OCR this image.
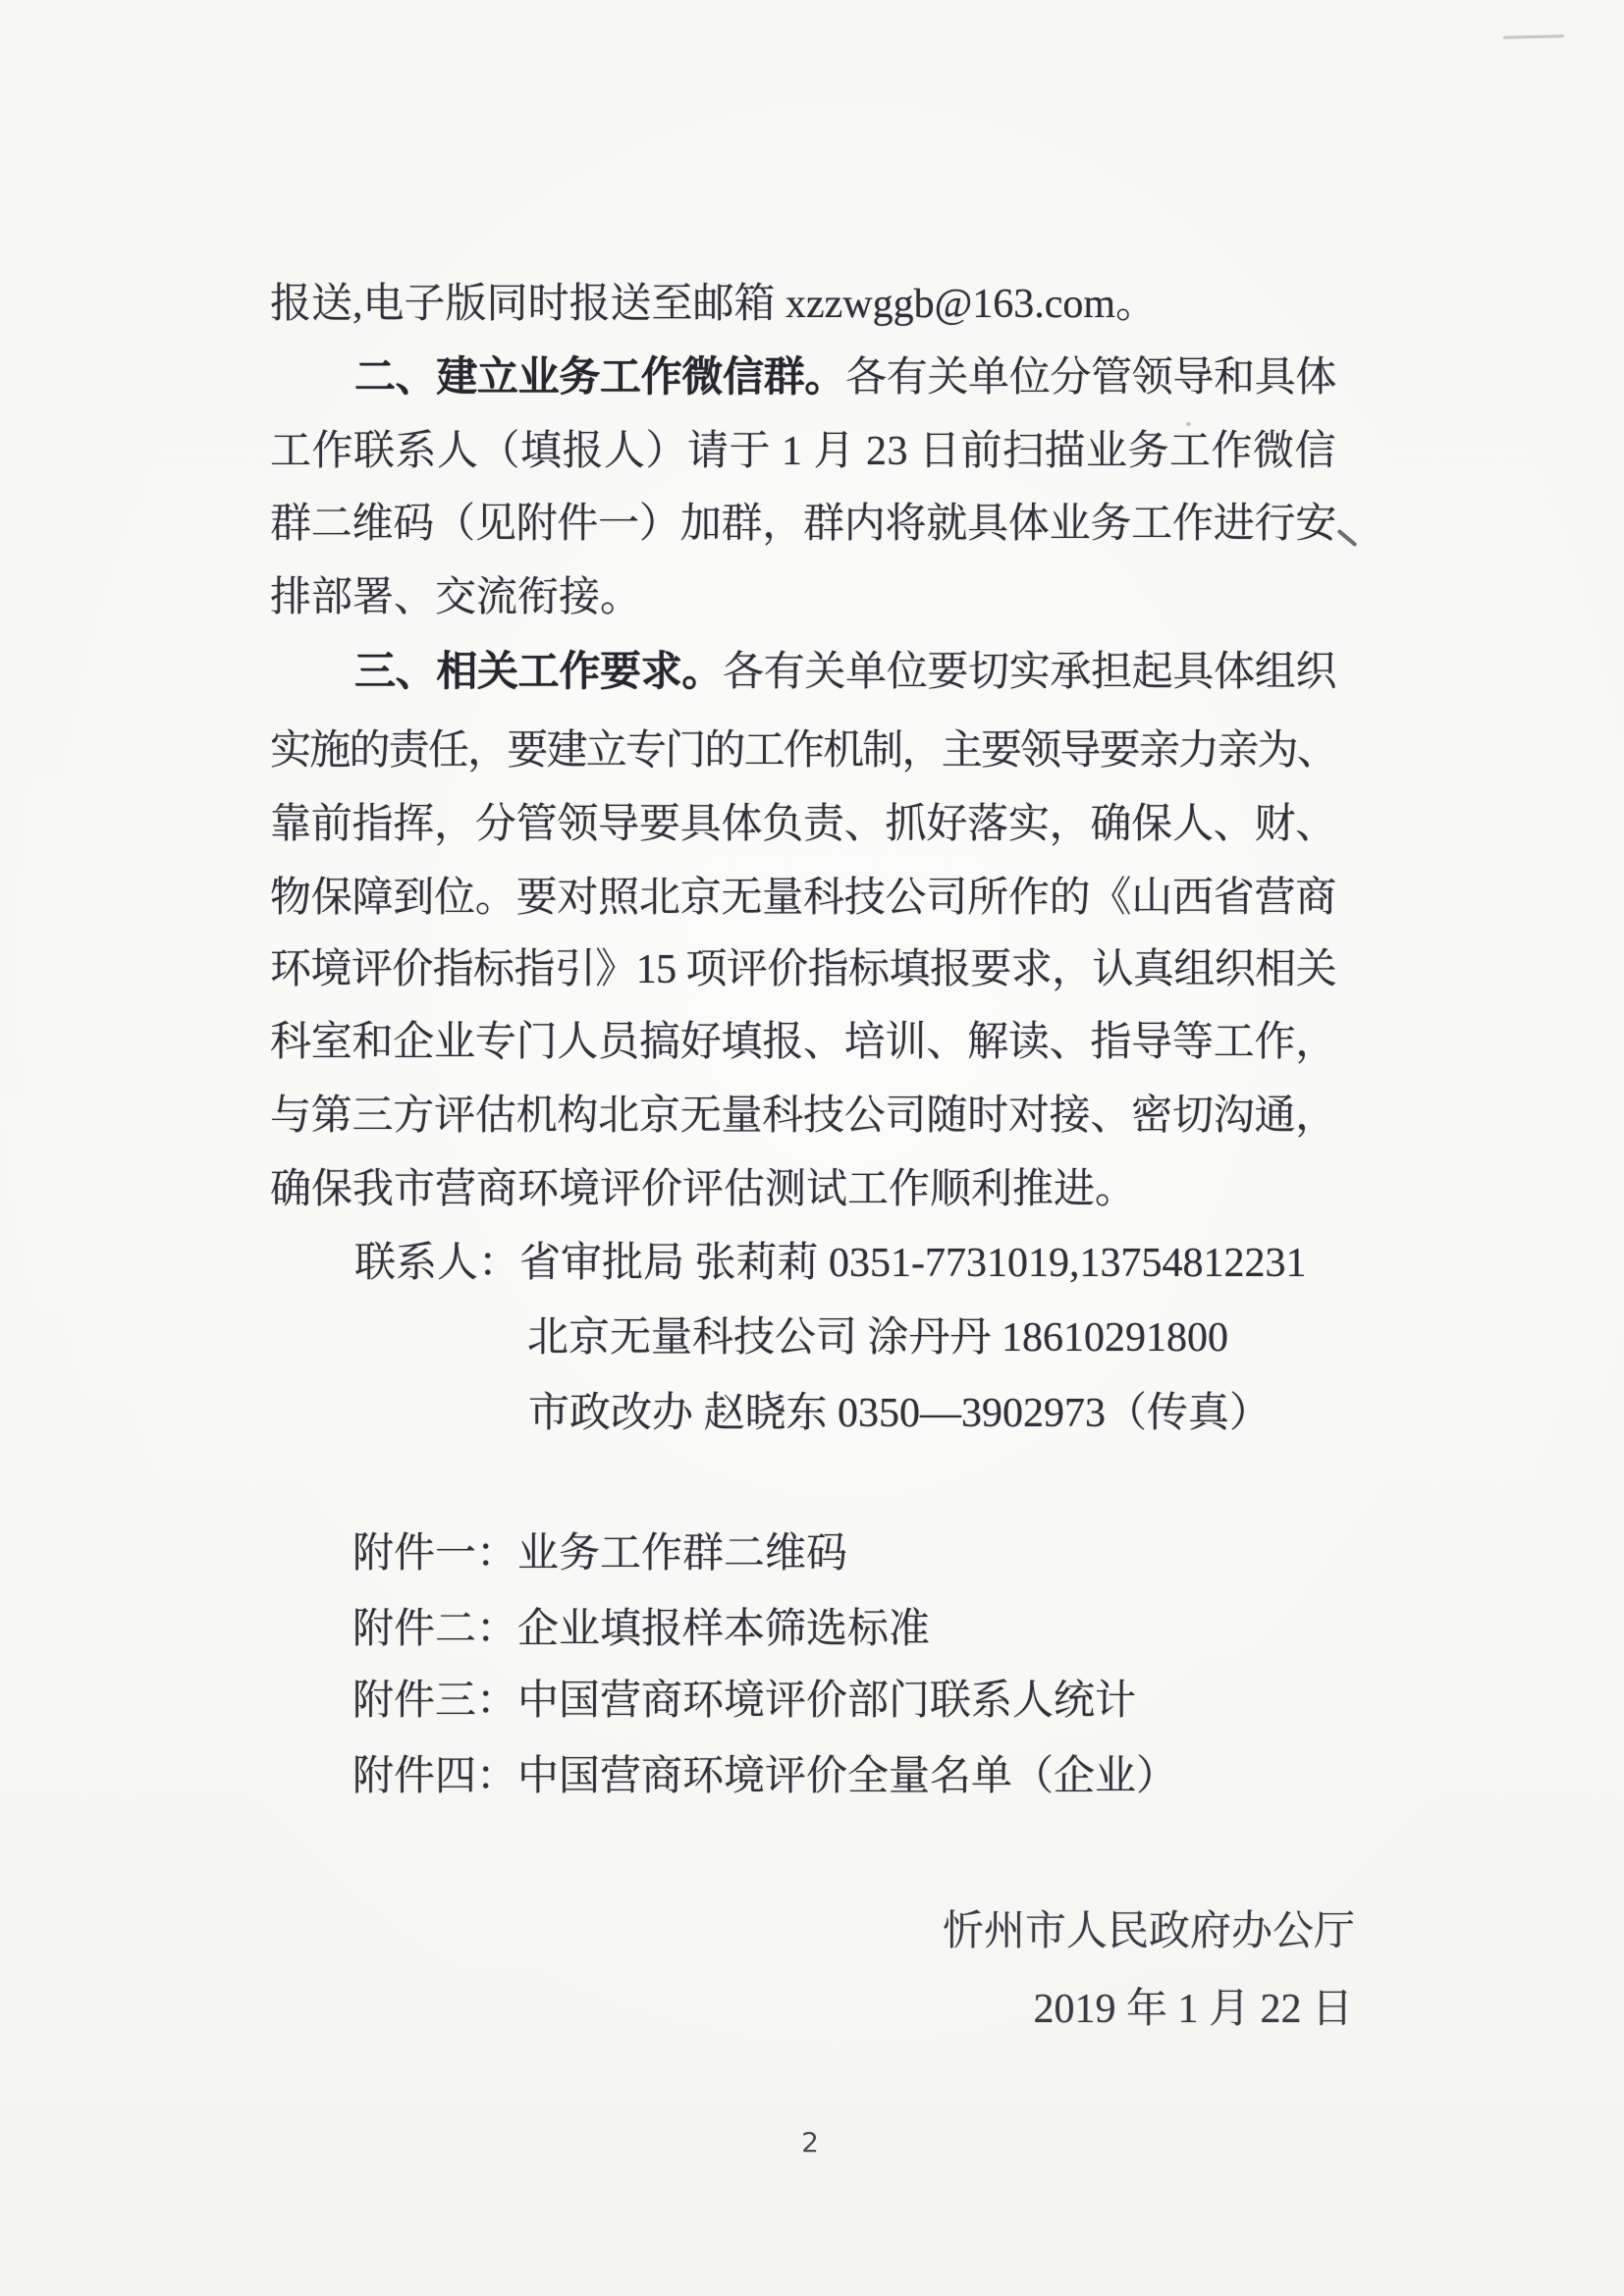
报送,电子版同时报送至邮箱 xzzwggb@163.com。
二、建立业务工作微信群。各有关单位分管领导和具体
工作联系人（填报人）请于 1 月 23 日前扫描业务工作微信
群二维码（见附件一）加群，群内将就具体业务工作进行安
排部署、交流衔接。
三、相关工作要求。各有关单位要切实承担起具体组织
实施的责任，要建立专门的工作机制，主要领导要亲力亲为、
靠前指挥，分管领导要具体负责、抓好落实，确保人、财、
物保障到位。要对照北京无量科技公司所作的《山西省营商
环境评价指标指引》15 项评价指标填报要求，认真组织相关
科室和企业专门人员搞好填报、培训、解读、指导等工作，
与第三方评估机构北京无量科技公司随时对接、密切沟通，
确保我市营商环境评价评估测试工作顺利推进。
联系人：省审批局 张莉莉 0351-7731019,13754812231
北京无量科技公司 涂丹丹 18610291800
市政改办 赵晓东 0350—3902973（传真）
附件一：业务工作群二维码
附件二：企业填报样本筛选标准
附件三：中国营商环境评价部门联系人统计
附件四：中国营商环境评价全量名单（企业）
忻州市人民政府办公厅
2019 年 1 月 22 日
2
